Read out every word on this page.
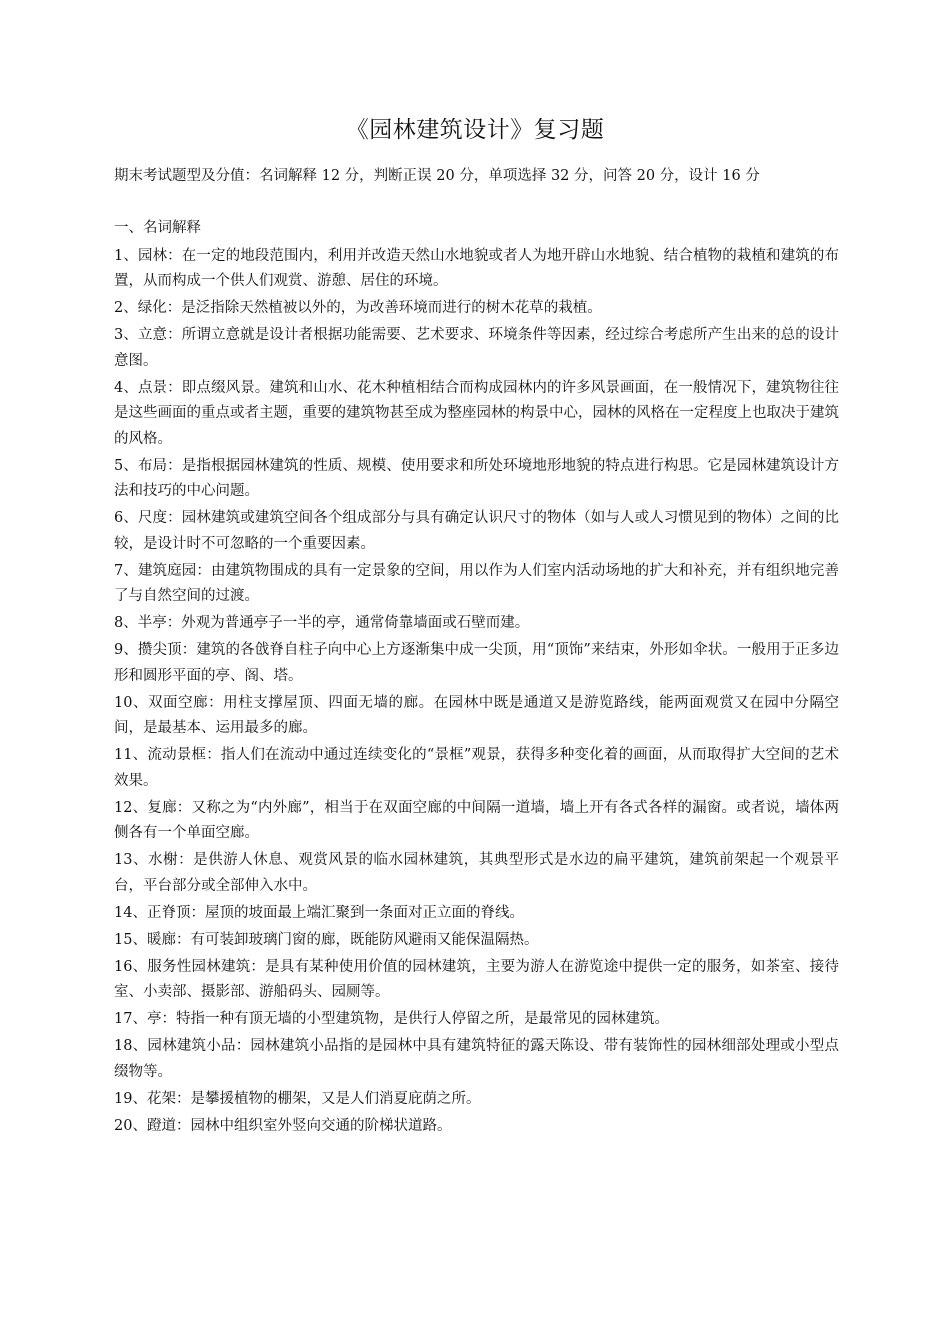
《园林建筑设计》复习题
期末考试题型及分值：名词解释 12 分，判断正误 20 分，单项选择 32 分，问答 20 分，设计 16 分
一、名词解释
1、园林：在一定的地段范围内，利用并改造天然山水地貌或者人为地开辟山水地貌、结合植物的栽植和建筑的布置，从而构成一个供人们观赏、游憩、居住的环境。
2、绿化：是泛指除天然植被以外的，为改善环境而进行的树木花草的栽植。
3、立意：所谓立意就是设计者根据功能需要、艺术要求、环境条件等因素，经过综合考虑所产生出来的总的设计意图。
4、点景：即点缀风景。建筑和山水、花木种植相结合而构成园林内的许多风景画面，在一般情况下，建筑物往往是这些画面的重点或者主题，重要的建筑物甚至成为整座园林的构景中心，园林的风格在一定程度上也取决于建筑的风格。
5、布局：是指根据园林建筑的性质、规模、使用要求和所处环境地形地貌的特点进行构思。它是园林建筑设计方法和技巧的中心问题。
6、尺度：园林建筑或建筑空间各个组成部分与具有确定认识尺寸的物体（如与人或人习惯见到的物体）之间的比较，是设计时不可忽略的一个重要因素。
7、建筑庭园：由建筑物围成的具有一定景象的空间，用以作为人们室内活动场地的扩大和补充，并有组织地完善了与自然空间的过渡。
8、半亭：外观为普通亭子一半的亭，通常倚靠墙面或石壁而建。
9、攒尖顶：建筑的各戗脊自柱子向中心上方逐渐集中成一尖顶，用“顶饰”来结束，外形如伞状。一般用于正多边形和圆形平面的亭、阁、塔。
10、双面空廊：用柱支撑屋顶、四面无墙的廊。在园林中既是通道又是游览路线，能两面观赏又在园中分隔空间，是最基本、运用最多的廊。
11、流动景框：指人们在流动中通过连续变化的“景框”观景，获得多种变化着的画面，从而取得扩大空间的艺术效果。
12、复廊：又称之为“内外廊”，相当于在双面空廊的中间隔一道墙，墙上开有各式各样的漏窗。或者说，墙体两侧各有一个单面空廊。
13、水榭：是供游人休息、观赏风景的临水园林建筑，其典型形式是水边的扁平建筑，建筑前架起一个观景平台，平台部分或全部伸入水中。
14、正脊顶：屋顶的坡面最上端汇聚到一条面对正立面的脊线。
15、暖廊：有可装卸玻璃门窗的廊，既能防风避雨又能保温隔热。
16、服务性园林建筑：是具有某种使用价值的园林建筑，主要为游人在游览途中提供一定的服务，如茶室、接待室、小卖部、摄影部、游船码头、园厕等。
17、亭：特指一种有顶无墙的小型建筑物，是供行人停留之所，是最常见的园林建筑。
18、园林建筑小品：园林建筑小品指的是园林中具有建筑特征的露天陈设、带有装饰性的园林细部处理或小型点缀物等。
19、花架：是攀援植物的棚架，又是人们消夏庇荫之所。
20、蹬道：园林中组织室外竖向交通的阶梯状道路。
